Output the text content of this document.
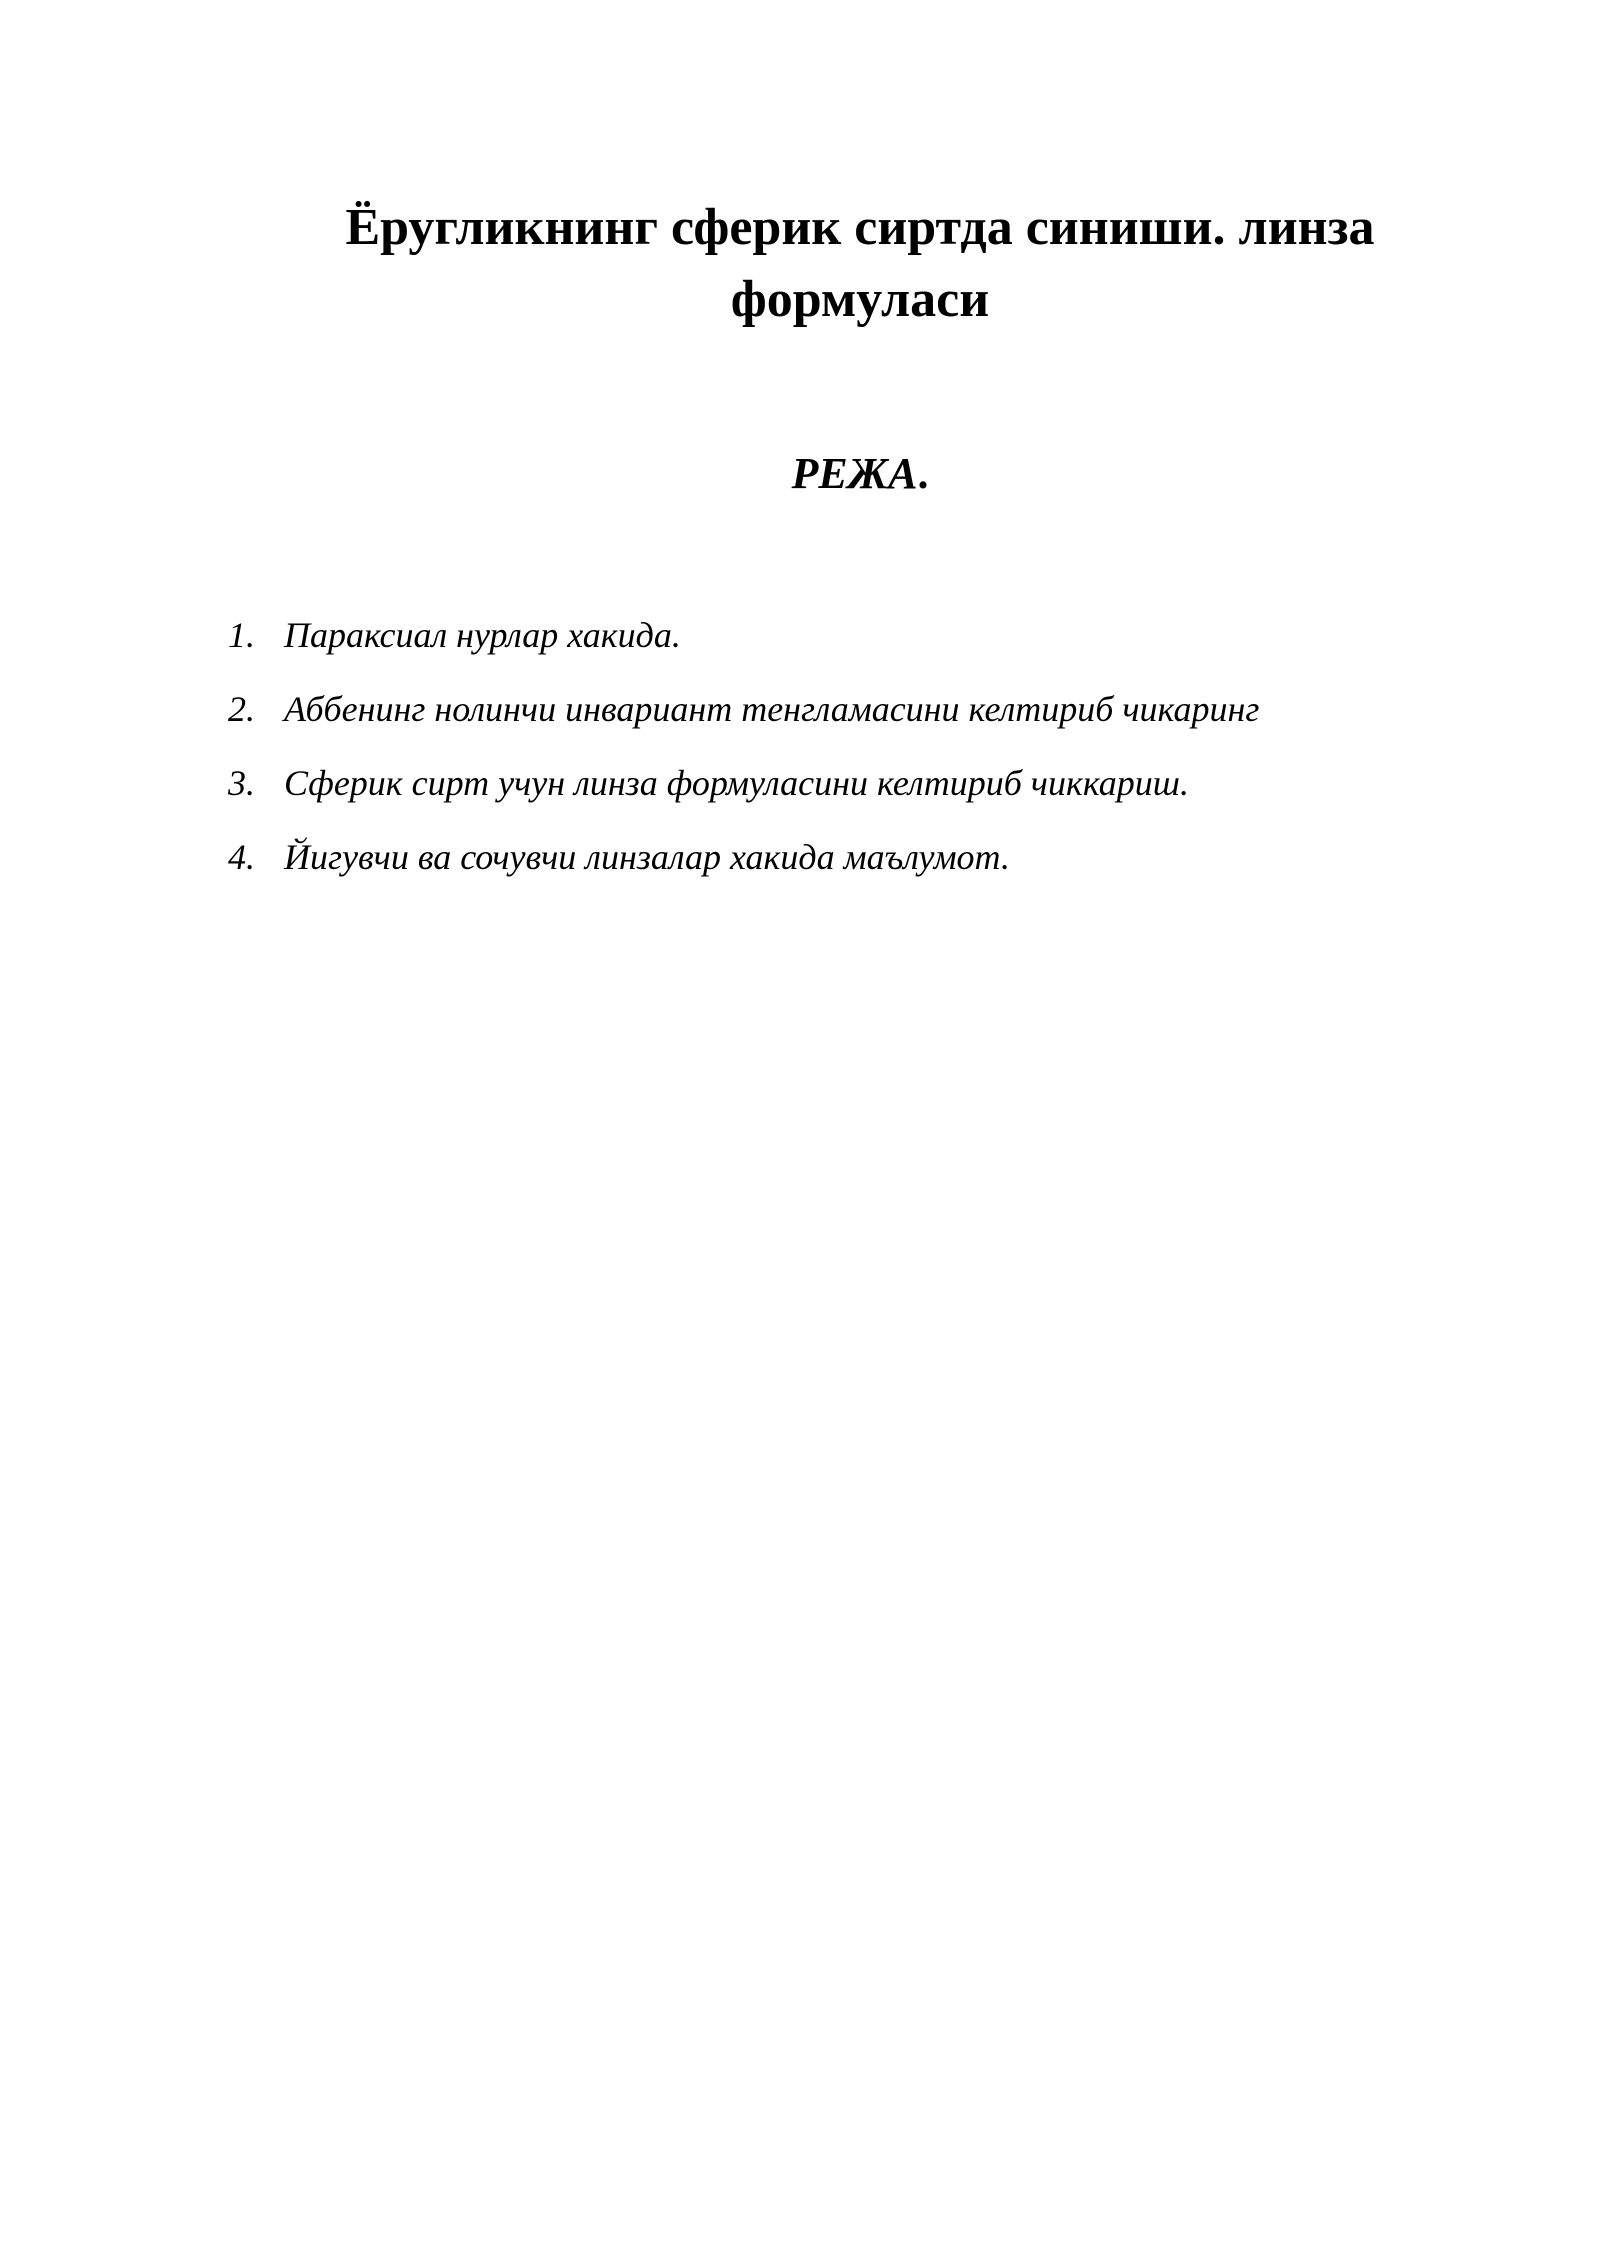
Ёругликнинг сферик сиртда синиши. линза
формуласи
РЕЖА.
1. Параксиал нурлар хакида.
2. Аббенинг нолинчи инвариант тенгламасини келтириб чикаринг
3. Сферик сирт учун линза формуласини келтириб чиккариш.
4. Йигувчи ва сочувчи линзалар хакида маълумот.
